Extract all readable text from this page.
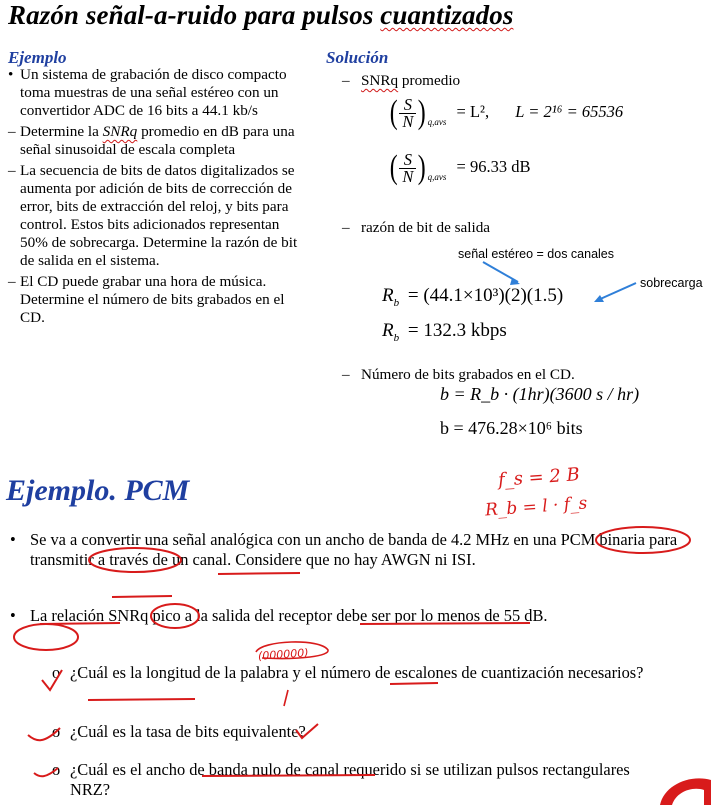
Razón señal-a-ruido para pulsos cuantizados
Ejemplo
• Un sistema de grabación de disco compacto toma muestras de una señal estéreo con un convertidor ADC de 16 bits a 44.1 kb/s
– Determine la SNRq promedio en dB para una señal sinusoidal de escala completa
– La secuencia de bits de datos digitalizados se aumenta por adición de bits de corrección de error, bits de extracción del reloj, y bits para control. Estos bits adicionados representan 50% de sobrecarga. Determine la razón de bit de salida en el sistema.
– El CD puede grabar una hora de música. Determine el número de bits grabados en el CD.
Solución
–   SNRq promedio
( $\frac{S}{N}$ ) $_{q,avs}$ = L², L = 2¹⁶ = 65536
( $\frac{S}{N}$ ) $_{q,avs}$ = 96.33 dB
–   razón de bit de salida
señal estéreo = dos canales
sobrecarga
$R_b = (44.1\times 10^3)(2)(1.5)$
$R_b = 132.3$ kbps
–   Número de bits grabados en el CD.
b = R_b · (1hr)(3600 s / hr)
b = 476.28×10⁶ bits
Ejemplo. PCM	f_s = 2 B
R_b = l · f_s
• Se va a convertir una señal analógica con un ancho de banda de 4.2 MHz en una PCM binaria para transmitir a través de un canal. Considere que no hay AWGN ni ISI.
• La relación SNRq pico a la salida del receptor debe ser por lo menos de 55 dB.
(000000)
o ¿Cuál es la longitud de la palabra y el número de escalones de cuantización necesarios?
o ¿Cuál es la tasa de bits equivalente?
o ¿Cuál es el ancho de banda nulo de canal requerido si se utilizan pulsos rectangulares NRZ?
